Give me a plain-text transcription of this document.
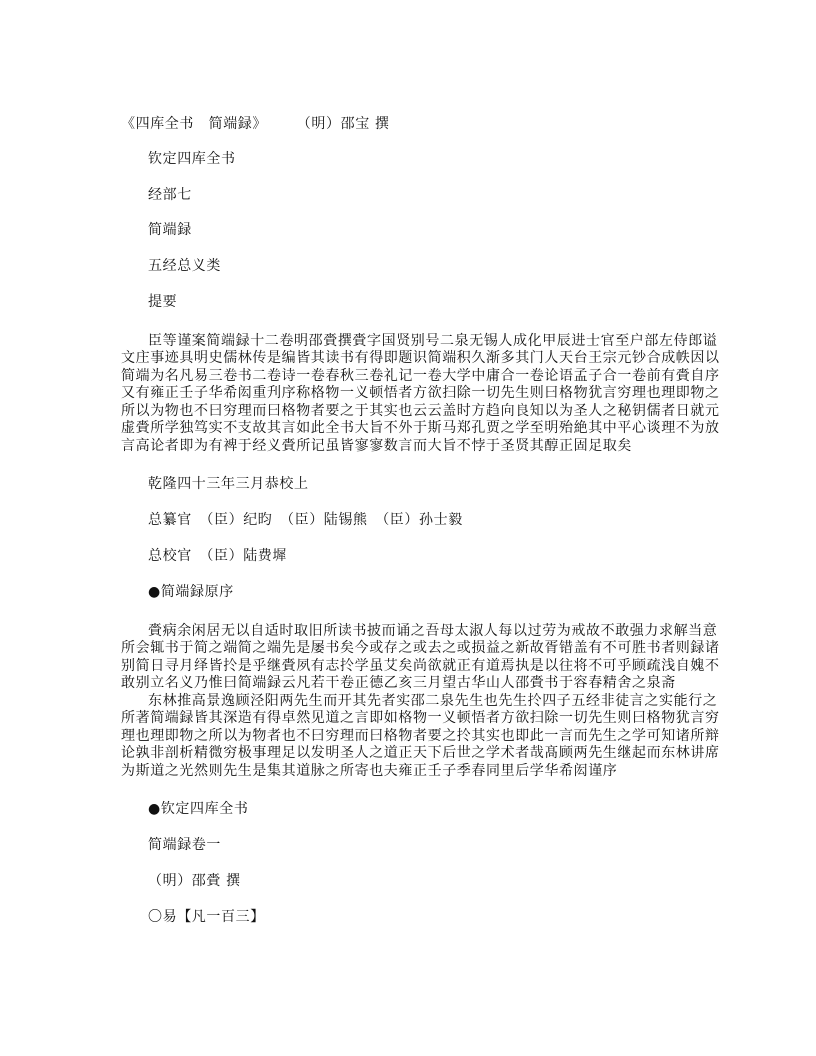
《四库全书　简端録》　　　（明）邵宝 撰
钦定四库全书
经部七
简端録
五经总义类
提要
臣等谨案简端録十二卷明邵賫撰賫字国贤别号二泉无锡人成化甲辰进士官至户部左侍郎谥
文庄事迹具明史儒林传是编皆其读书有得即题识简端积久渐多其门人天台王宗元钞合成帙因以
简端为名凡易三卷书二卷诗一卷春秋三卷礼记一卷大学中庸合一卷论语孟子合一卷前有賫自序
又有雍正壬子华希闳重刋序称格物一义顿悟者方欲扫除一切先生则曰格物犹言穷理也理即物之
所以为物也不曰穷理而曰格物者要之于其实也云云盖时方趋向良知以为圣人之秘钥儒者日就元
虚賫所学独笃实不支故其言如此全书大旨不外于斯马郑孔贾之学至明殆絶其中平心谈理不为放
言高论者即为有裨于经义賫所记虽皆寥寥数言而大旨不悖于圣贤其醇正固足取矣
乾隆四十三年三月恭校上
总纂官　（臣）纪昀　（臣）陆锡熊　（臣）孙士毅
总校官　（臣）陆费墀
●简端録原序
賫病余闲居无以自适时取旧所读书披而诵之吾母太淑人每以过劳为戒故不敢强力求解当意
所会辄书于简之端简之端先是屡书矣今或存之或去之或损益之新故胥错盖有不可胜书者则録诸
别简日寻月绎皆扵是乎继賫夙有志扵学虽艾矣尚欲就正有道焉执是以往将不可乎顾疏浅自媿不
敢别立名义乃惟曰简端録云凡若干卷正德乙亥三月望古华山人邵賫书于容春精舍之泉斋
东林推高景逸顾泾阳两先生而开其先者实邵二泉先生也先生扵四子五经非徒言之实能行之
所著简端録皆其深造有得卓然见道之言即如格物一义顿悟者方欲扫除一切先生则曰格物犹言穷
理也理即物之所以为物者也不曰穷理而曰格物者要之扵其实也即此一言而先生之学可知诸所辩
论孰非剖析精微穷极事理足以发明圣人之道正天下后世之学术者哉髙顾两先生继起而东林讲席
为斯道之光然则先生是集其道脉之所寄也夫雍正壬子季春同里后学华希闳谨序
●钦定四库全书
简端録卷一
（明）邵賫 撰
〇易【凡一百三】
